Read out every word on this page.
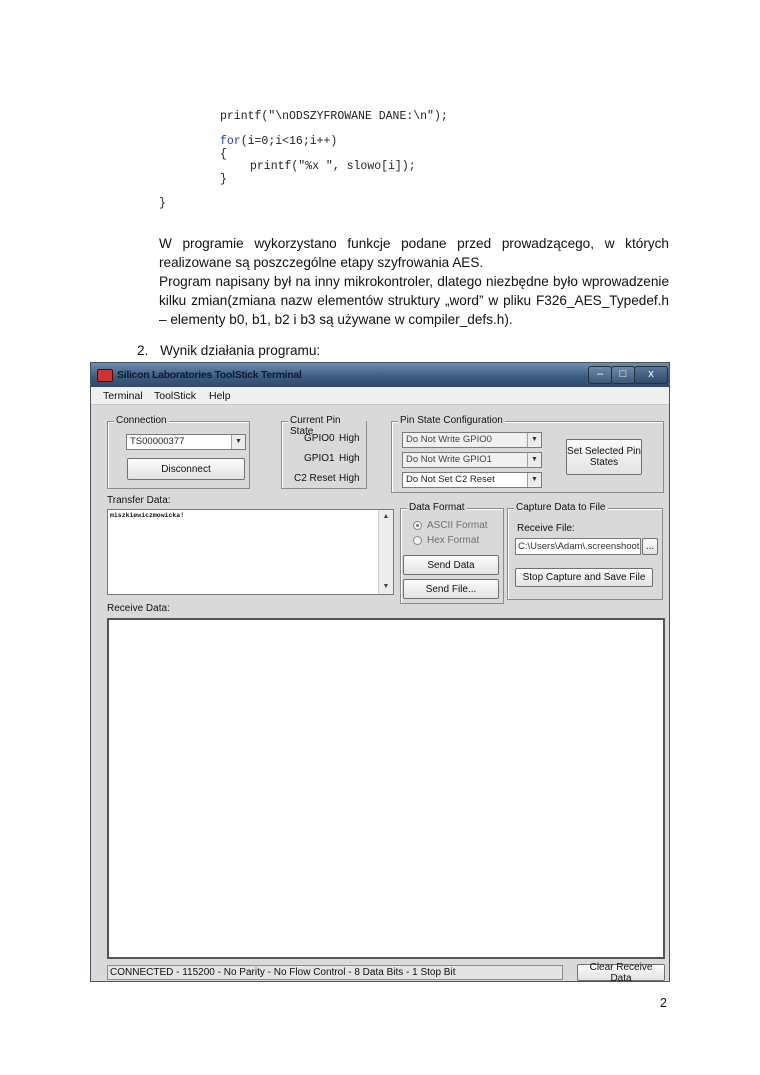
printf("\nODSZYFROWANE DANE:\n");
for(i=0;i<16;i++)
{
printf("%x ", slowo[i]);
}
}

W programie wykorzystano funkcje podane przed prowadzącego, w których realizowane są poszczególne etapy szyfrowania AES.

Program napisany był na inny mikrokontroler, dlatego niezbędne było wprowadzenie kilku zmian(zmiana nazw elementów struktury „word” w pliku F326_AES_Typedef.h – elementy b0, b1, b2 i b3 są używane w compiler_defs.h).

2. Wynik działania programu:
Silicon Laboratories ToolStick Terminal	–	□	x
Terminal ToolStick Help
Connection
TS00000377	▼
Disconnect
Current Pin State
GPIO0 High
GPIO1 High
C2 Reset High
Pin State Configuration
Do Not Write GPIO0	▼
Do Not Write GPIO1	▼
Do Not Set C2 Reset	▼
Set Selected Pin States
Transfer Data:
miszkiewiczmowicka!	▲
▼
Data Format
ASCII Format
Hex Format
Send Data
Send File...
Capture Data to File
Receive File:
C:\Users\Adam\.screenshoot ...
Stop Capture and Save File
Receive Data:
CONNECTED - 115200 - No Parity - No Flow Control - 8 Data Bits - 1 Stop Bit	Clear Receive Data
2
